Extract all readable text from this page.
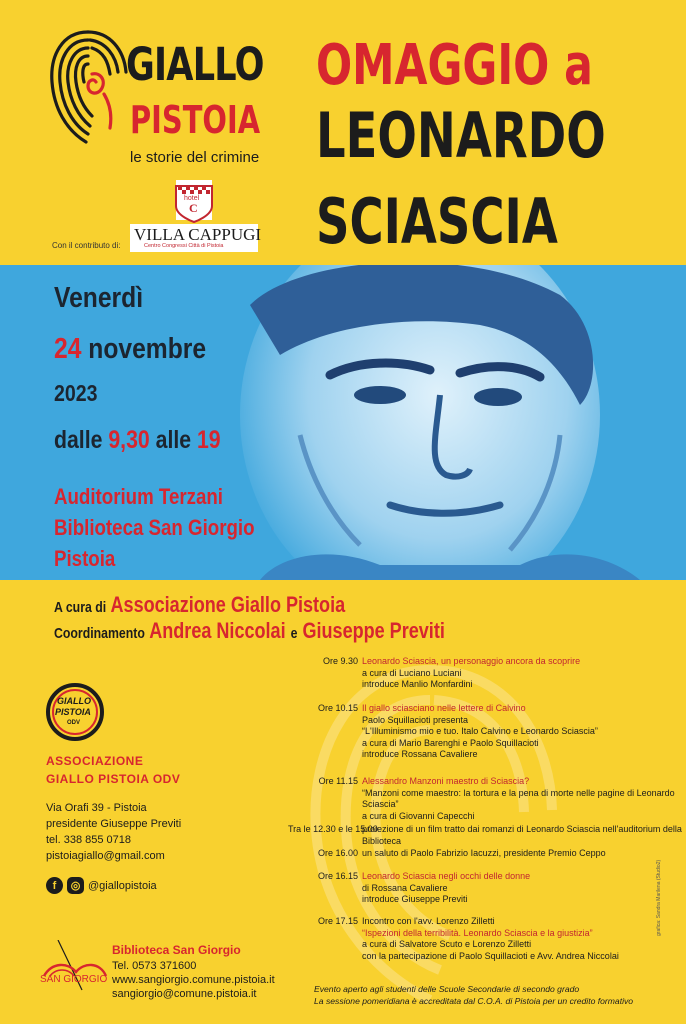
GIALLO
PISTOIA
le storie del crimine
OMAGGIO a
LEONARDO
SCIASCIA
Con il contributo di:
hotel
C
VILLA CAPPUGI
Centro Congressi Città di Pistoia
Venerdì
24 novembre
2023
dalle 9,30 alle 19
Auditorium Terzani
Biblioteca San Giorgio
Pistoia
A cura di Associazione Giallo Pistoia
Coordinamento Andrea Niccolai e Giuseppe Previti
GIALLO
PISTOIA
ODV
ASSOCIAZIONE
GIALLO PISTOIA ODV
Via Orafi 39 - Pistoia
presidente Giuseppe Previti
tel. 338 855 0718
pistoiagiallo@gmail.com
f	◎ @giallopistoia
SAN GIORGIO
Biblioteca San Giorgio
Tel. 0573 371600
www.sangiorgio.comune.pistoia.it
sangiorgio@comune.pistoia.it
Ore 9.30 Leonardo Sciascia, un personaggio ancora da scoprire
a cura di Luciano Luciani
introduce Manlio Monfardini
Ore 10.15 Il giallo sciasciano nelle lettere di Calvino
Paolo Squillacioti presenta
“L'Illuminismo mio e tuo. Italo Calvino e Leonardo Sciascia”
a cura di Mario Barenghi e Paolo Squillacioti
introduce Rossana Cavaliere
Ore 11.15 Alessandro Manzoni maestro di Sciascia?
“Manzoni come maestro: la tortura e la pena di morte nelle pagine di Leonardo Sciascia”
a cura di Giovanni Capecchi
Tra le 12.30 e le 15.00
proiezione di un film tratto dai romanzi di Leonardo Sciascia nell'auditorium della Biblioteca
Ore 16.00 un saluto di Paolo Fabrizio Iacuzzi, presidente Premio Ceppo
Ore 16.15 Leonardo Sciascia negli occhi delle donne
di Rossana Cavaliere
introduce Giuseppe Previti
Ore 17.15 Incontro con l'avv. Lorenzo Zilletti
“Ispezioni della terribilità. Leonardo Sciascia e la giustizia”
a cura di Salvatore Scuto e Lorenzo Zilletti
con la partecipazione di Paolo Squillacioti e Avv. Andrea Niccolai
Evento aperto agli studenti delle Scuole Secondarie di secondo grado
La sessione pomeridiana è accreditata dal C.O.A. di Pistoia per un credito formativo
grafica: Sandra Marilena (Studio2)
